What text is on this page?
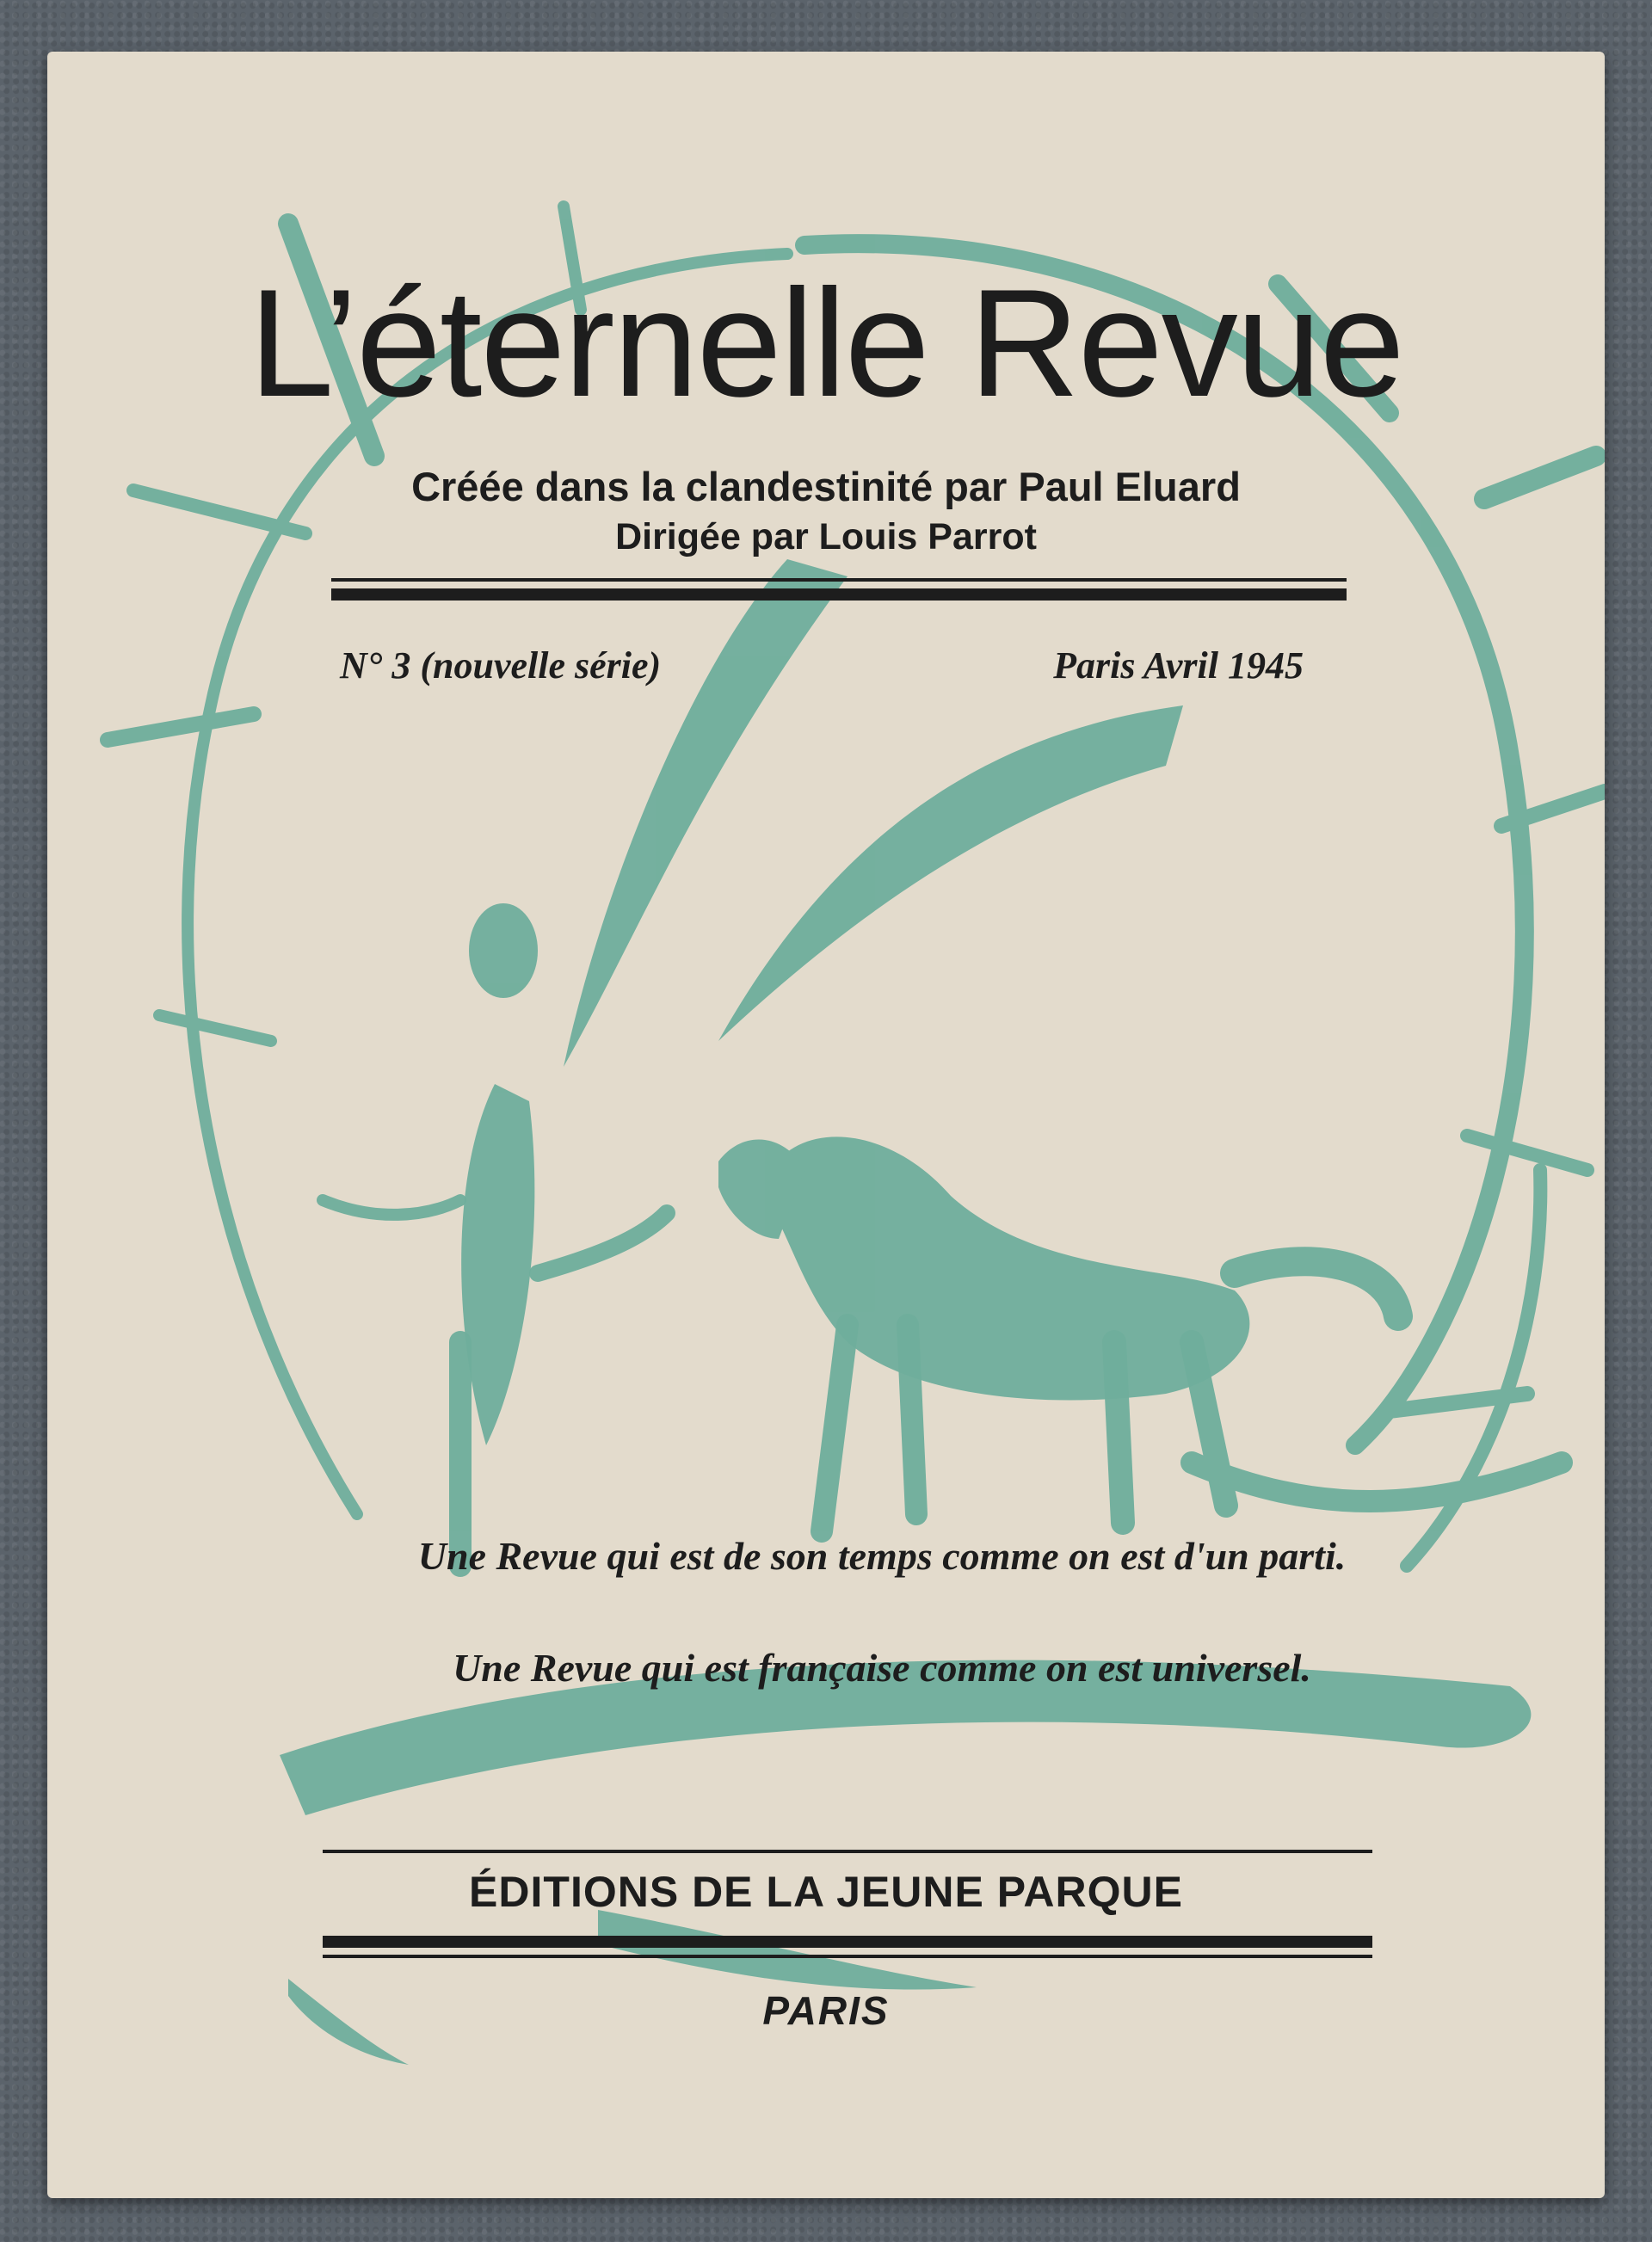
L’éternelle Revue
Créée dans la clandestinité par Paul Eluard
Dirigée par Louis Parrot
N° 3 (nouvelle série)	Paris Avril 1945
Une Revue qui est de son temps comme on est d'un parti.
Une Revue qui est française comme on est universel.
ÉDITIONS DE LA JEUNE PARQUE
PARIS
